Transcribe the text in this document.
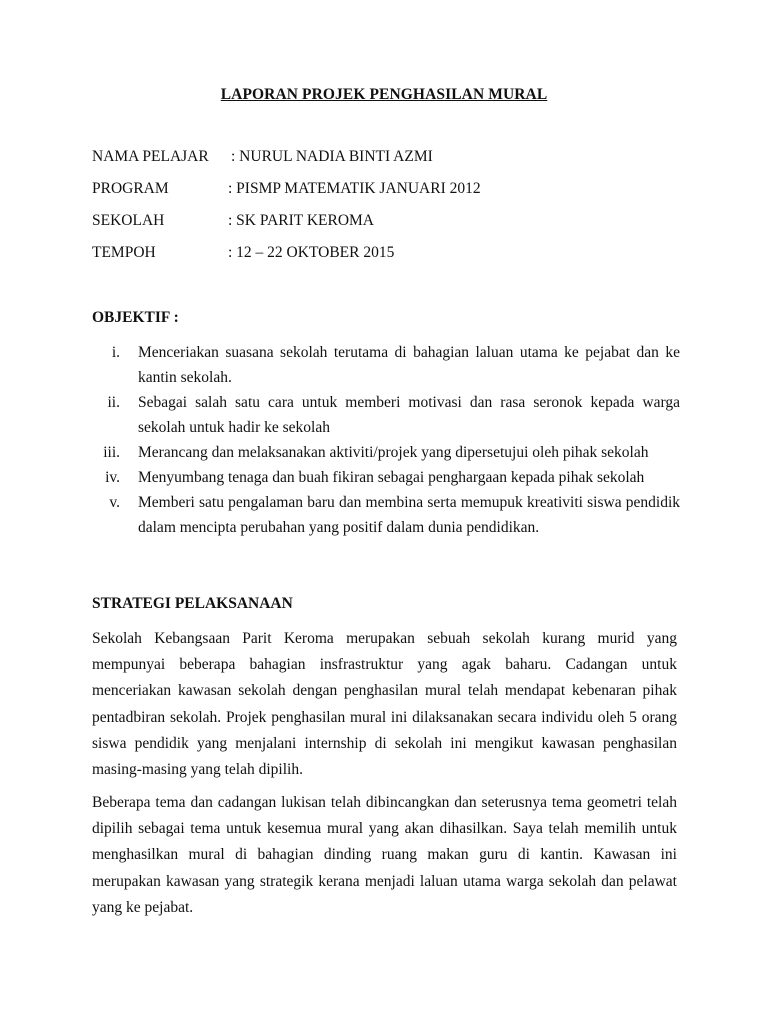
LAPORAN PROJEK PENGHASILAN MURAL
NAMA PELAJAR : NURUL NADIA BINTI AZMI
PROGRAM	: PISMP MATEMATIK JANUARI 2012
SEKOLAH	: SK PARIT KEROMA
TEMPOH	: 12 – 22 OKTOBER 2015
OBJEKTIF :
i. Menceriakan suasana sekolah terutama di bahagian laluan utama ke pejabat dan ke kantin sekolah.
ii. Sebagai salah satu cara untuk memberi motivasi dan rasa seronok kepada warga sekolah untuk hadir ke sekolah
iii. Merancang dan melaksanakan aktiviti/projek yang dipersetujui oleh pihak sekolah
iv. Menyumbang tenaga dan buah fikiran sebagai penghargaan kepada pihak sekolah
v. Memberi satu pengalaman baru dan membina serta memupuk kreativiti siswa pendidik dalam mencipta perubahan yang positif dalam dunia pendidikan.
STRATEGI PELAKSANAAN
Sekolah Kebangsaan Parit Keroma merupakan sebuah sekolah kurang murid yang mempunyai beberapa bahagian insfrastruktur yang agak baharu. Cadangan untuk menceriakan kawasan sekolah dengan penghasilan mural telah mendapat kebenaran pihak pentadbiran sekolah. Projek penghasilan mural ini dilaksanakan secara individu oleh 5 orang siswa pendidik yang menjalani internship di sekolah ini mengikut kawasan penghasilan masing-masing yang telah dipilih.
Beberapa tema dan cadangan lukisan telah dibincangkan dan seterusnya tema geometri telah dipilih sebagai tema untuk kesemua mural yang akan dihasilkan. Saya telah memilih untuk menghasilkan mural di bahagian dinding ruang makan guru di kantin. Kawasan ini merupakan kawasan yang strategik kerana menjadi laluan utama warga sekolah dan pelawat yang ke pejabat.
